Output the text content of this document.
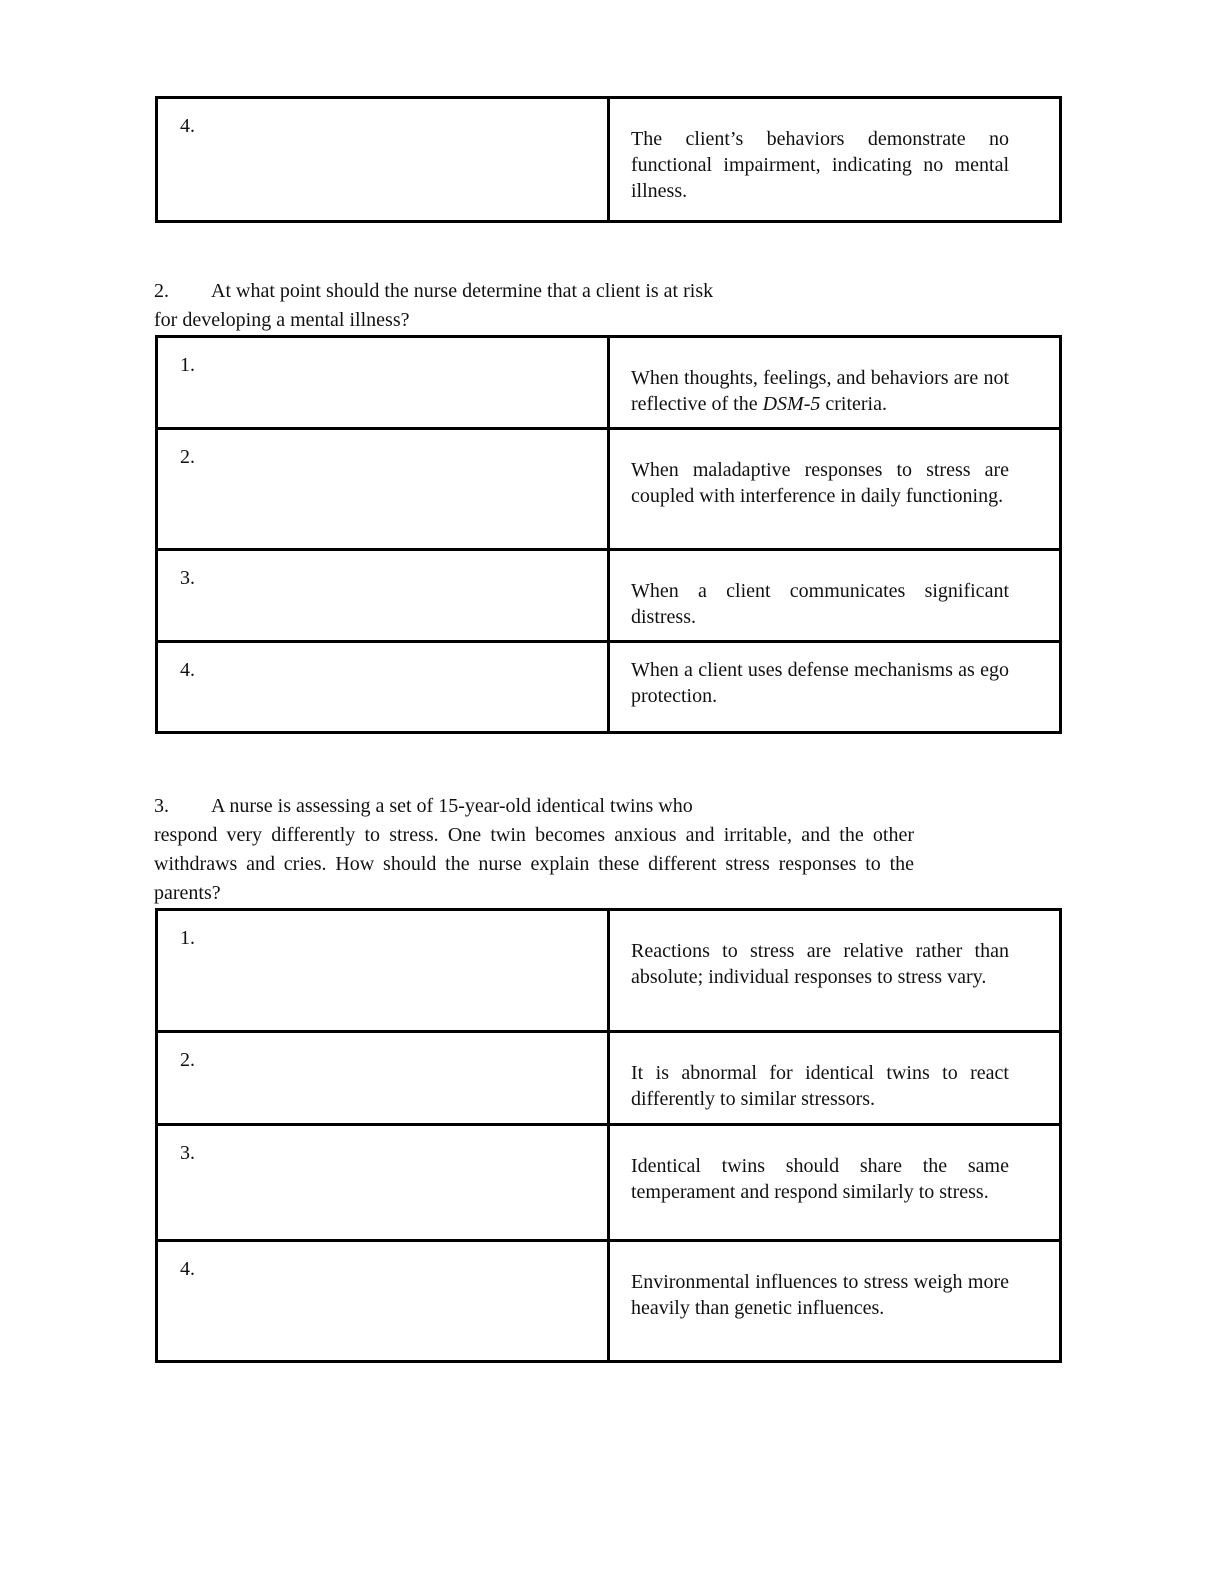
4.	The client’s behaviors demonstrate no functional impairment, indicating no mental illness.
2. At what point should the nurse determine that a client is at risk
for developing a mental illness?
1.	When thoughts, feelings, and behaviors are not reflective of the DSM-5 criteria.
2.	When maladaptive responses to stress are coupled with interference in daily functioning.
3.	When a client communicates significant distress.
4.	When a client uses defense mechanisms as ego protection.
3. A nurse is assessing a set of 15-year-old identical twins who
respond very differently to stress. One twin becomes anxious and irritable, and the other withdraws and cries. How should the nurse explain these different stress responses to the parents?
1.	Reactions to stress are relative rather than absolute; individual responses to stress vary.
2.	It is abnormal for identical twins to react differently to similar stressors.
3.	Identical twins should share the same temperament and respond similarly to stress.
4.	Environmental influences to stress weigh more heavily than genetic influences.
